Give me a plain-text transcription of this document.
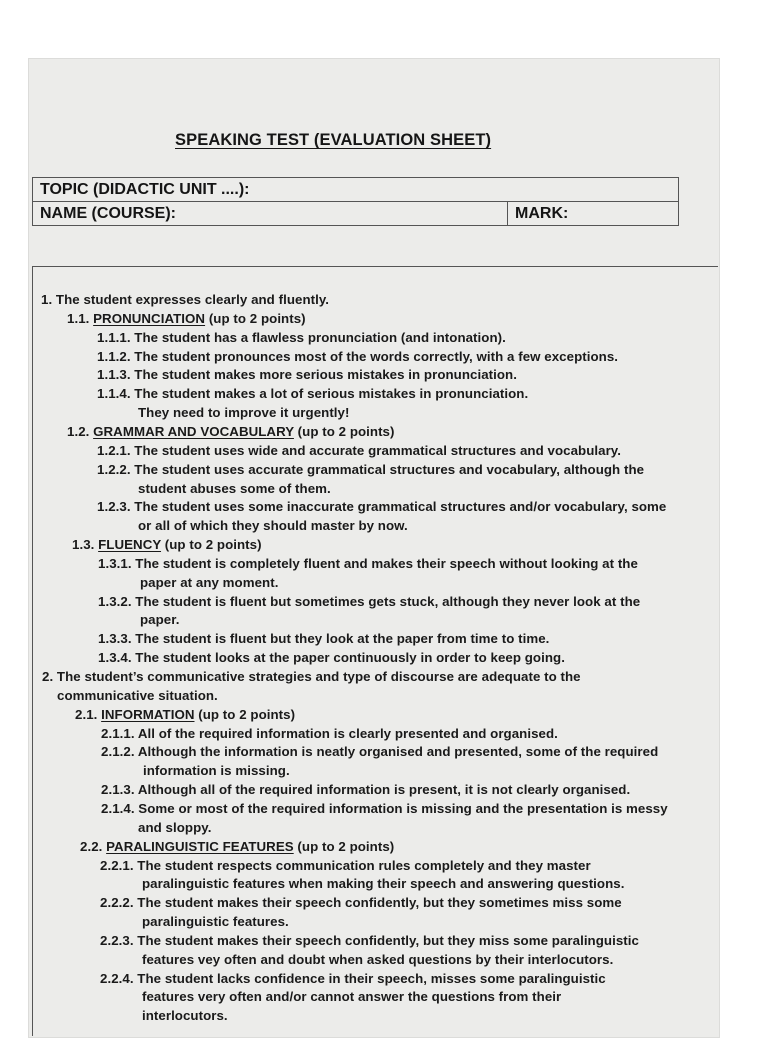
SPEAKING TEST (EVALUATION SHEET)
TOPIC (DIDACTIC UNIT ....):
NAME (COURSE):	MARK:
1. The student expresses clearly and fluently.
1.1. PRONUNCIATION (up to 2 points)
1.1.1. The student has a flawless pronunciation (and intonation).
1.1.2. The student pronounces most of the words correctly, with a few exceptions.
1.1.3. The student makes more serious mistakes in pronunciation.
1.1.4. The student makes a lot of serious mistakes in pronunciation.
They need to improve it urgently!
1.2. GRAMMAR AND VOCABULARY (up to 2 points)
1.2.1. The student uses wide and accurate grammatical structures and vocabulary.
1.2.2. The student uses accurate grammatical structures and vocabulary, although the
student abuses some of them.
1.2.3. The student uses some inaccurate grammatical structures and/or vocabulary, some
or all of which they should master by now.
1.3. FLUENCY (up to 2 points)
1.3.1. The student is completely fluent and makes their speech without looking at the
paper at any moment.
1.3.2. The student is fluent but sometimes gets stuck, although they never look at the
paper.
1.3.3. The student is fluent but they look at the paper from time to time.
1.3.4. The student looks at the paper continuously in order to keep going.
2. The student’s communicative strategies and type of discourse are adequate to the
communicative situation.
2.1. INFORMATION (up to 2 points)
2.1.1. All of the required information is clearly presented and organised.
2.1.2. Although the information is neatly organised and presented, some of the required
information is missing.
2.1.3. Although all of the required information is present, it is not clearly organised.
2.1.4. Some or most of the required information is missing and the presentation is messy
and sloppy.
2.2. PARALINGUISTIC FEATURES (up to 2 points)
2.2.1. The student respects communication rules completely and they master
paralinguistic features when making their speech and answering questions.
2.2.2. The student makes their speech confidently, but they sometimes miss some
paralinguistic features.
2.2.3. The student makes their speech confidently, but they miss some paralinguistic
features vey often and doubt when asked questions by their interlocutors.
2.2.4. The student lacks confidence in their speech, misses some paralinguistic
features very often and/or cannot answer the questions from their
interlocutors.
